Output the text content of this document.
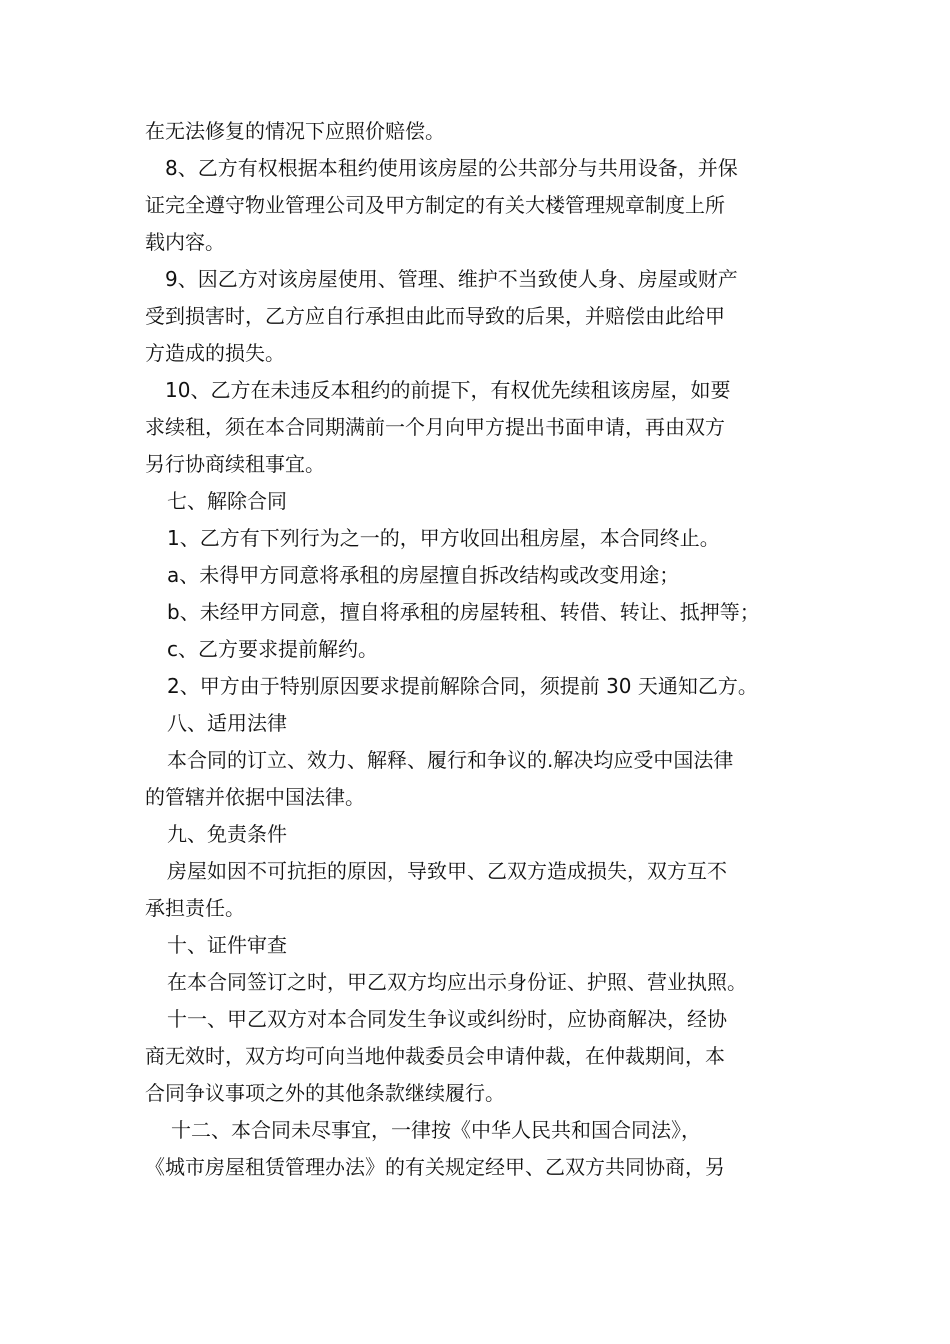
在无法修复的情况下应照价赔偿。
8、乙方有权根据本租约使用该房屋的公共部分与共用设备，并保
证完全遵守物业管理公司及甲方制定的有关大楼管理规章制度上所
载内容。
9、因乙方对该房屋使用、管理、维护不当致使人身、房屋或财产
受到损害时，乙方应自行承担由此而导致的后果，并赔偿由此给甲
方造成的损失。
10、乙方在未违反本租约的前提下，有权优先续租该房屋，如要
求续租，须在本合同期满前一个月向甲方提出书面申请，再由双方
另行协商续租事宜。
七、解除合同
1、乙方有下列行为之一的，甲方收回出租房屋，本合同终止。
a、未得甲方同意将承租的房屋擅自拆改结构或改变用途；
b、未经甲方同意，擅自将承租的房屋转租、转借、转让、抵押等；
c、乙方要求提前解约。
2、甲方由于特别原因要求提前解除合同，须提前 30 天通知乙方。
八、适用法律
本合同的订立、效力、解释、履行和争议的.解决均应受中国法律
的管辖并依据中国法律。
九、免责条件
房屋如因不可抗拒的原因，导致甲、乙双方造成损失，双方互不
承担责任。
十、证件审查
在本合同签订之时，甲乙双方均应出示身份证、护照、营业执照。
十一、甲乙双方对本合同发生争议或纠纷时，应协商解决，经协
商无效时，双方均可向当地仲裁委员会申请仲裁，在仲裁期间，本
合同争议事项之外的其他条款继续履行。
十二、本合同未尽事宜，一律按《中华人民共和国合同法》，
《城市房屋租赁管理办法》的有关规定经甲、乙双方共同协商，另
